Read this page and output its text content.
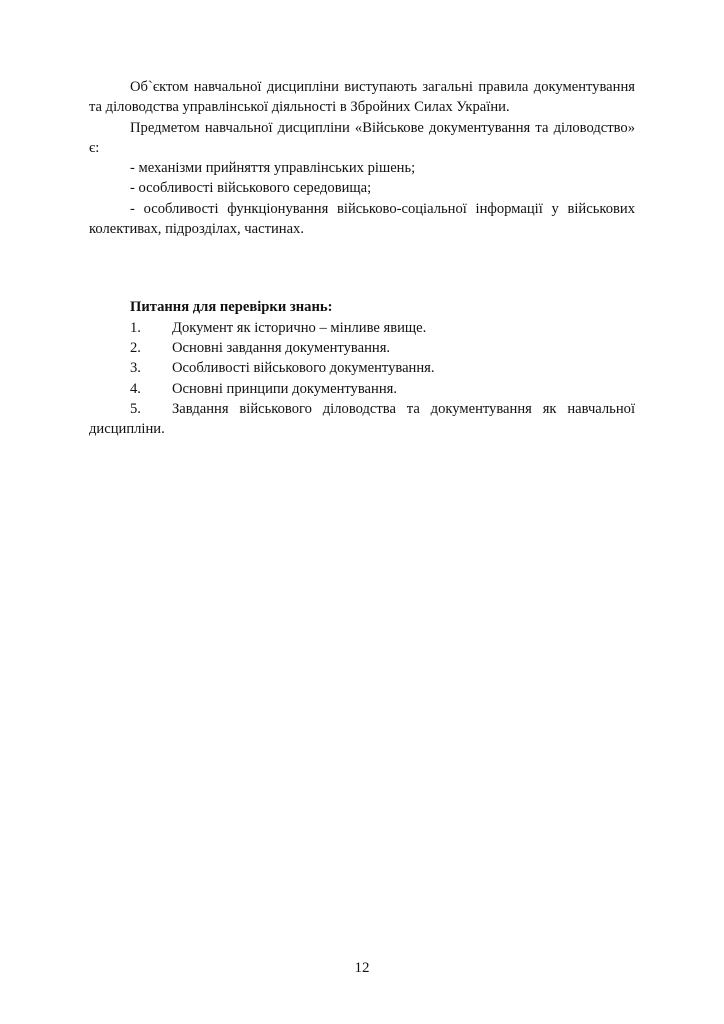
Об`єктом навчальної дисципліни виступають загальні правила документування та діловодства управлінської діяльності в Збройних Силах України.

Предметом навчальної дисципліни «Військове документування та діловодство» є:

- механізми прийняття управлінських рішень;

- особливості військового середовища;

- особливості функціонування військово-соціальної інформації у військових колективах, підрозділах, частинах.

Питання для перевірки знань:

1. Документ як історично – мінливе явище.

2. Основні завдання документування.

3. Особливості військового документування.

4. Основні принципи документування.

5. Завдання військового діловодства та документування як навчальної дисципліни.

12
